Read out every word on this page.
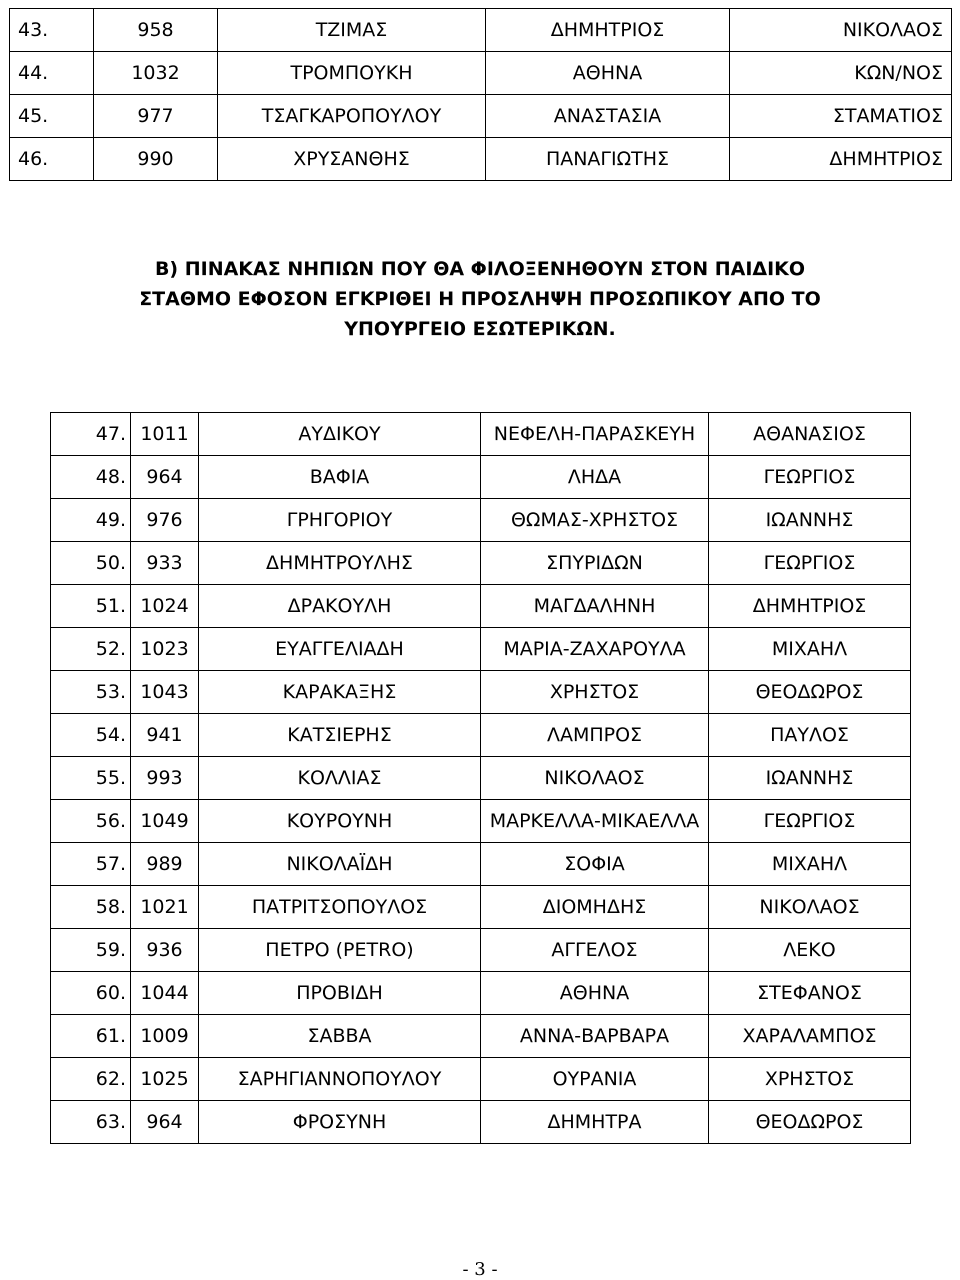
43.	958	ΤΖΙΜΑΣ	ΔΗΜΗΤΡΙΟΣ	ΝΙΚΟΛΑΟΣ
44.	1032	ΤΡΟΜΠΟΥΚΗ	ΑΘΗΝΑ	ΚΩΝ/ΝΟΣ
45.	977	ΤΣΑΓΚΑΡΟΠΟΥΛΟΥ	ΑΝΑΣΤΑΣΙΑ	ΣΤΑΜΑΤΙΟΣ
46.	990	ΧΡΥΣΑΝΘΗΣ	ΠΑΝΑΓΙΩΤΗΣ	ΔΗΜΗΤΡΙΟΣ
Β) ΠΙΝΑΚΑΣ ΝΗΠΙΩΝ ΠΟΥ ΘΑ ΦΙΛΟΞΕΝΗΘΟΥΝ ΣΤΟΝ ΠΑΙΔΙΚΟ
ΣΤΑΘΜΟ ΕΦΟΣΟΝ ΕΓΚΡΙΘΕΙ Η ΠΡΟΣΛΗΨΗ ΠΡΟΣΩΠΙΚΟΥ ΑΠΟ ΤΟ
ΥΠΟΥΡΓΕΙΟ ΕΣΩΤΕΡΙΚΩΝ.
47.	1011	ΑΥΔΙΚΟΥ	ΝΕΦΕΛΗ-ΠΑΡΑΣΚΕΥΗ	ΑΘΑΝΑΣΙΟΣ
48.	964	ΒΑΦΙΑ	ΛΗΔΑ	ΓΕΩΡΓΙΟΣ
49.	976	ΓΡΗΓΟΡΙΟΥ	ΘΩΜΑΣ-ΧΡΗΣΤΟΣ	ΙΩΑΝΝΗΣ
50.	933	ΔΗΜΗΤΡΟΥΛΗΣ	ΣΠΥΡΙΔΩΝ	ΓΕΩΡΓΙΟΣ
51.	1024	ΔΡΑΚΟΥΛΗ	ΜΑΓΔΑΛΗΝΗ	ΔΗΜΗΤΡΙΟΣ
52.	1023	ΕΥΑΓΓΕΛΙΑΔΗ	ΜΑΡΙΑ-ΖΑΧΑΡΟΥΛΑ	ΜΙΧΑΗΛ
53.	1043	ΚΑΡΑΚΑΞΗΣ	ΧΡΗΣΤΟΣ	ΘΕΟΔΩΡΟΣ
54.	941	ΚΑΤΣΙΕΡΗΣ	ΛΑΜΠΡΟΣ	ΠΑΥΛΟΣ
55.	993	ΚΟΛΛΙΑΣ	ΝΙΚΟΛΑΟΣ	ΙΩΑΝΝΗΣ
56.	1049	ΚΟΥΡΟΥΝΗ	ΜΑΡΚΕΛΛΑ-ΜΙΚΑΕΛΛΑ	ΓΕΩΡΓΙΟΣ
57.	989	ΝΙΚΟΛΑΪΔΗ	ΣΟΦΙΑ	ΜΙΧΑΗΛ
58.	1021	ΠΑΤΡΙΤΣΟΠΟΥΛΟΣ	ΔΙΟΜΗΔΗΣ	ΝΙΚΟΛΑΟΣ
59.	936	ΠΕΤΡΟ (PETRO)	ΑΓΓΕΛΟΣ	ΛΕΚΟ
60.	1044	ΠΡΟΒΙΔΗ	ΑΘΗΝΑ	ΣΤΕΦΑΝΟΣ
61.	1009	ΣΑΒΒΑ	ΑΝΝΑ-ΒΑΡΒΑΡΑ	ΧΑΡΑΛΑΜΠΟΣ
62.	1025	ΣΑΡΗΓΙΑΝΝΟΠΟΥΛΟΥ	ΟΥΡΑΝΙΑ	ΧΡΗΣΤΟΣ
63.	964	ΦΡΟΣΥΝΗ	ΔΗΜΗΤΡΑ	ΘΕΟΔΩΡΟΣ
- 3 -
